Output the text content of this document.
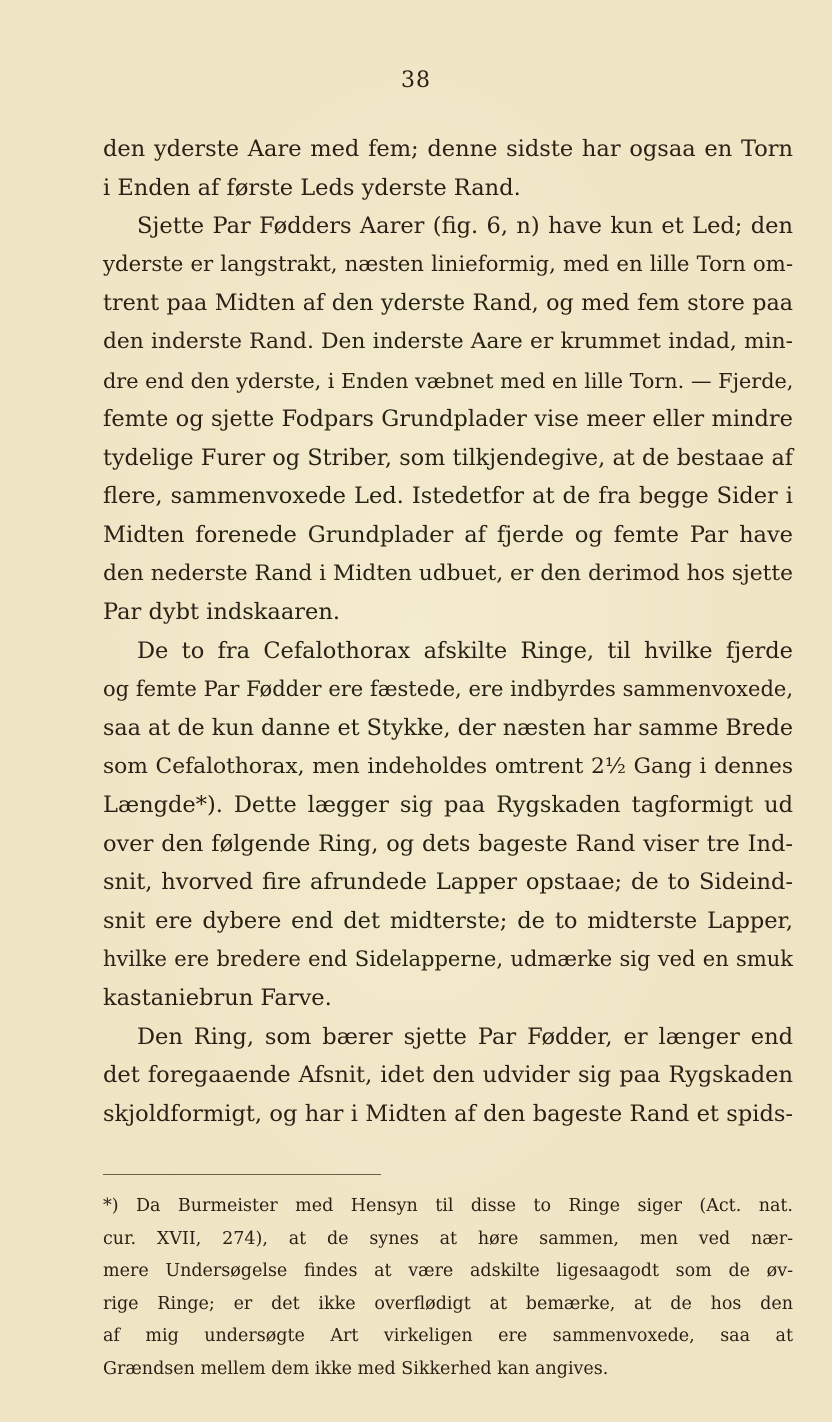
38
den yderste Aare med fem; denne sidste har ogsaa en Torn
i Enden af første Leds yderste Rand.
Sjette Par Fødders Aarer (fig. 6, n) have kun et Led; den
yderste er langstrakt, næsten linieformig, med en lille Torn om-
trent paa Midten af den yderste Rand, og med fem store paa
den inderste Rand. Den inderste Aare er krummet indad, min-
dre end den yderste, i Enden væbnet med en lille Torn. — Fjerde,
femte og sjette Fodpars Grundplader vise meer eller mindre
tydelige Furer og Striber, som tilkjendegive, at de bestaae af
flere, sammenvoxede Led. Istedetfor at de fra begge Sider i
Midten forenede Grundplader af fjerde og femte Par have
den nederste Rand i Midten udbuet, er den derimod hos sjette
Par dybt indskaaren.
De to fra Cefalothorax afskilte Ringe, til hvilke fjerde
og femte Par Fødder ere fæstede, ere indbyrdes sammenvoxede,
saa at de kun danne et Stykke, der næsten har samme Brede
som Cefalothorax, men indeholdes omtrent 2½ Gang i dennes
Længde*). Dette lægger sig paa Rygskaden tagformigt ud
over den følgende Ring, og dets bageste Rand viser tre Ind-
snit, hvorved fire afrundede Lapper opstaae; de to Sideind-
snit ere dybere end det midterste; de to midterste Lapper,
hvilke ere bredere end Sidelapperne, udmærke sig ved en smuk
kastaniebrun Farve.
Den Ring, som bærer sjette Par Fødder, er længer end
det foregaaende Afsnit, idet den udvider sig paa Rygskaden
skjoldformigt, og har i Midten af den bageste Rand et spids-
*) Da Burmeister med Hensyn til disse to Ringe siger (Act. nat.
cur. XVII, 274), at de synes at høre sammen, men ved nær-
mere Undersøgelse findes at være adskilte ligesaagodt som de øv-
rige Ringe; er det ikke overflødigt at bemærke, at de hos den
af mig undersøgte Art virkeligen ere sammenvoxede, saa at
Grændsen mellem dem ikke med Sikkerhed kan angives.
